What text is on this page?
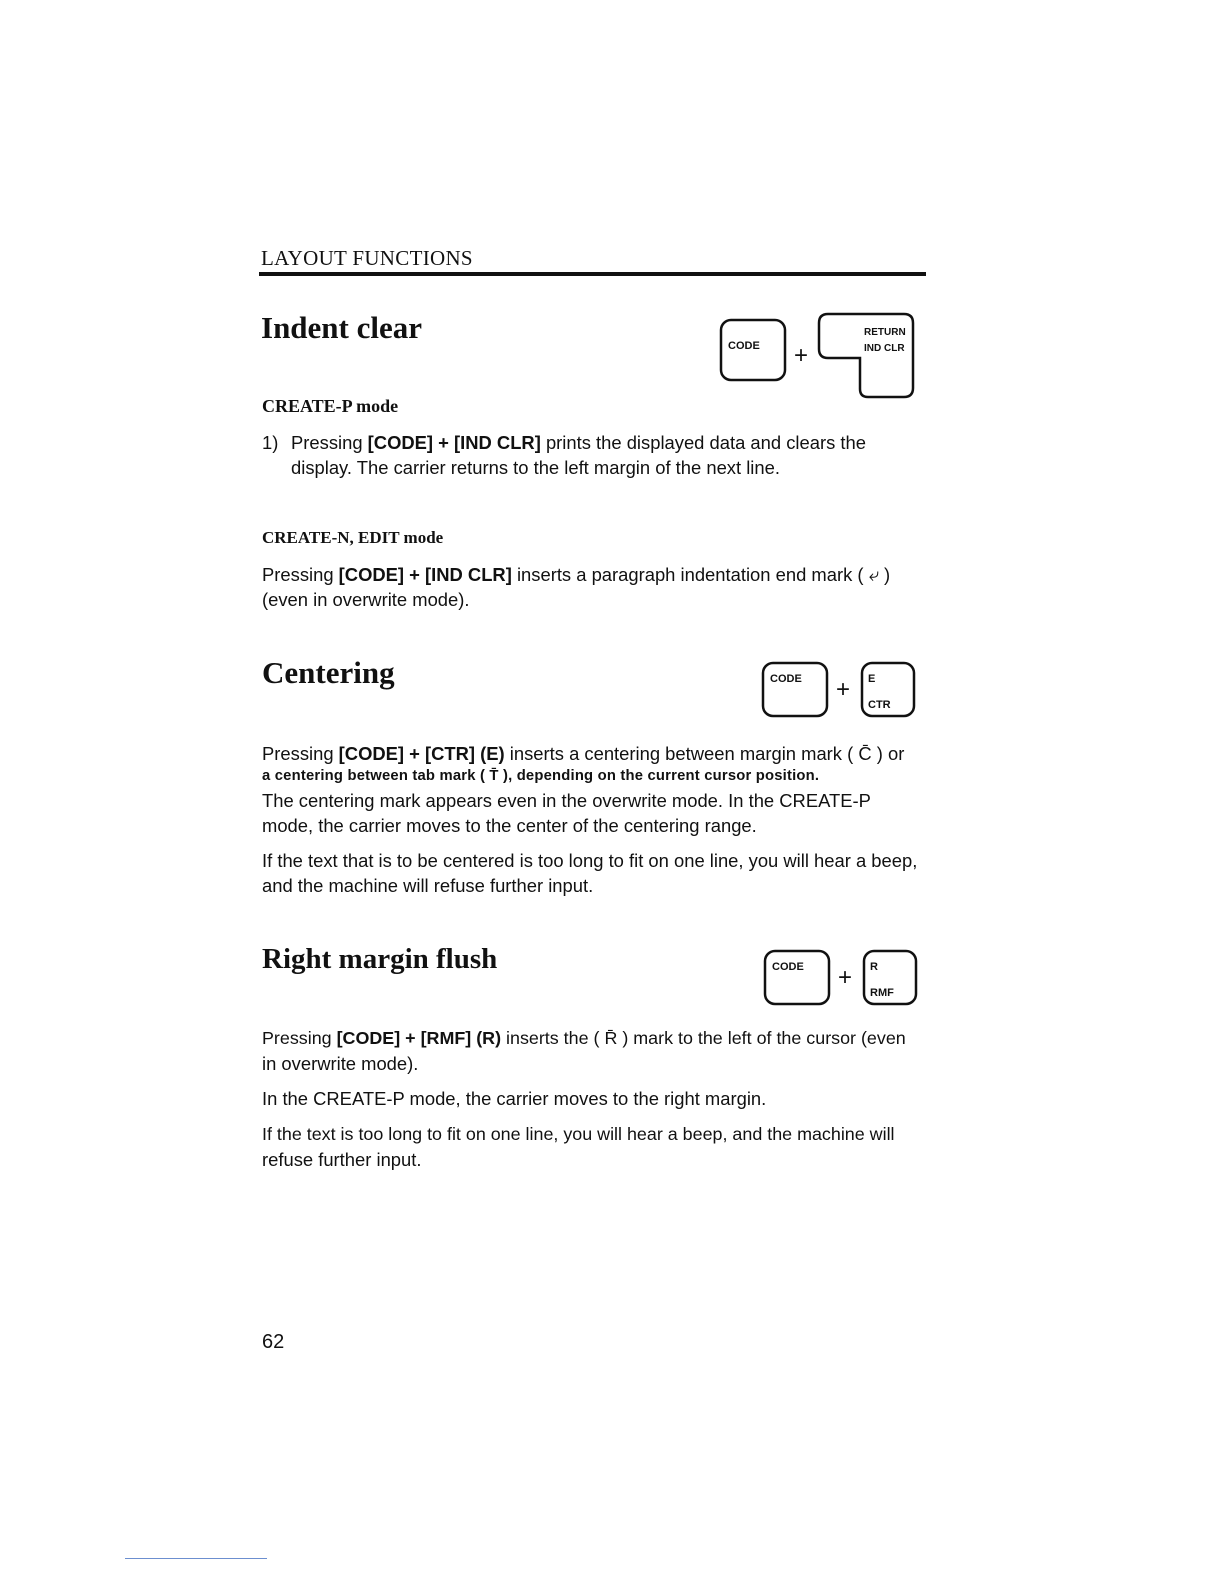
LAYOUT FUNCTIONS
Indent clear
CODE +
RETURN
IND CLR
CREATE-P mode
1) Pressing [CODE] + [IND CLR] prints the displayed data and clears the
display. The carrier returns to the left margin of the next line.
CREATE-N, EDIT mode
Pressing [CODE] + [IND CLR] inserts a paragraph indentation end mark ( ⤶ )
(even in overwrite mode).
Centering	CODE + E
CTR
Pressing [CODE] + [CTR] (E) inserts a centering between margin mark ( C̄ ) or
a centering between tab mark ( T̄ ), depending on the current cursor position.
The centering mark appears even in the overwrite mode. In the CREATE-P
mode, the carrier moves to the center of the centering range.
If the text that is to be centered is too long to fit on one line, you will hear a beep,
and the machine will refuse further input.
Right margin flush	CODE + R
RMF
Pressing [CODE] + [RMF] (R) inserts the ( R̄ ) mark to the left of the cursor (even
in overwrite mode).
In the CREATE-P mode, the carrier moves to the right margin.
If the text is too long to fit on one line, you will hear a beep, and the machine will
refuse further input.
62
